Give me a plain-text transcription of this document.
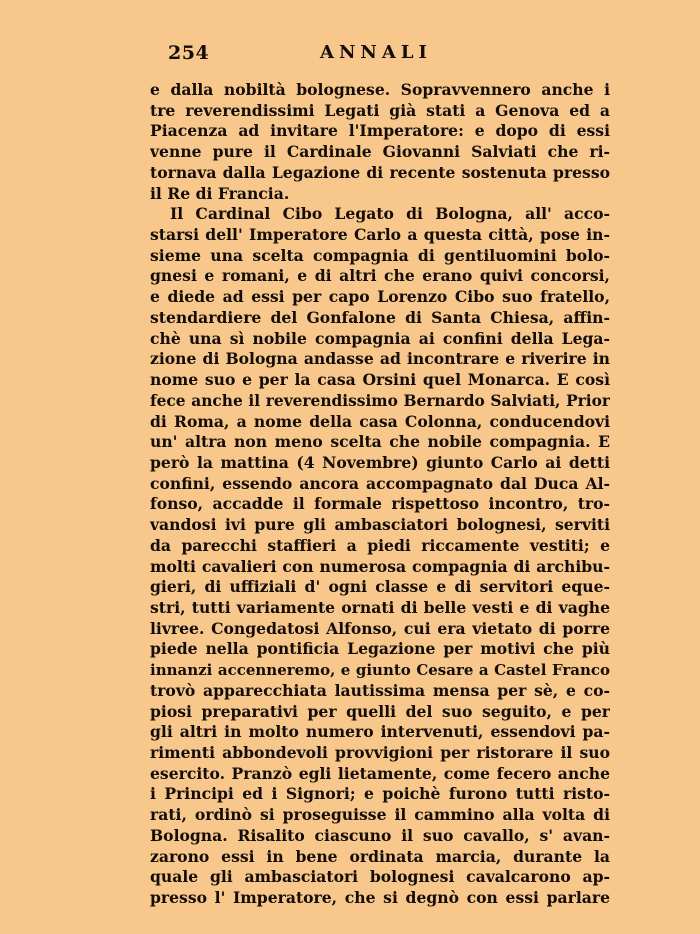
254	ANNALI
e dalla nobiltà bolognese. Sopravvennero anche i
tre reverendissimi Legati già stati a Genova ed a
Piacenza ad invitare l'Imperatore: e dopo di essi
venne pure il Cardinale Giovanni Salviati che ri-
tornava dalla Legazione di recente sostenuta presso
il Re di Francia.
Il Cardinal Cibo Legato di Bologna, all' acco-
starsi dell' Imperatore Carlo a questa città, pose in-
sieme una scelta compagnia di gentiluomini bolo-
gnesi e romani, e di altri che erano quivi concorsi,
e diede ad essi per capo Lorenzo Cibo suo fratello,
stendardiere del Gonfalone di Santa Chiesa, affin-
chè una sì nobile compagnia ai confini della Lega-
zione di Bologna andasse ad incontrare e riverire in
nome suo e per la casa Orsini quel Monarca. E così
fece anche il reverendissimo Bernardo Salviati, Prior
di Roma, a nome della casa Colonna, conducendovi
un' altra non meno scelta che nobile compagnia. E
però la mattina (4 Novembre) giunto Carlo ai detti
confini, essendo ancora accompagnato dal Duca Al-
fonso, accadde il formale rispettoso incontro, tro-
vandosi ivi pure gli ambasciatori bolognesi, serviti
da parecchi staffieri a piedi riccamente vestiti; e
molti cavalieri con numerosa compagnia di archibu-
gieri, di uffiziali d' ogni classe e di servitori eque-
stri, tutti variamente ornati di belle vesti e di vaghe
livree. Congedatosi Alfonso, cui era vietato di porre
piede nella pontificia Legazione per motivi che più
innanzi accenneremo, e giunto Cesare a Castel Franco
trovò apparecchiata lautissima mensa per sè, e co-
piosi preparativi per quelli del suo seguito, e per
gli altri in molto numero intervenuti, essendovi pa-
rimenti abbondevoli provvigioni per ristorare il suo
esercito. Pranzò egli lietamente, come fecero anche
i Principi ed i Signori; e poichè furono tutti risto-
rati, ordinò si proseguisse il cammino alla volta di
Bologna. Risalito ciascuno il suo cavallo, s' avan-
zarono essi in bene ordinata marcia, durante la
quale gli ambasciatori bolognesi cavalcarono ap-
presso l' Imperatore, che si degnò con essi parlare
